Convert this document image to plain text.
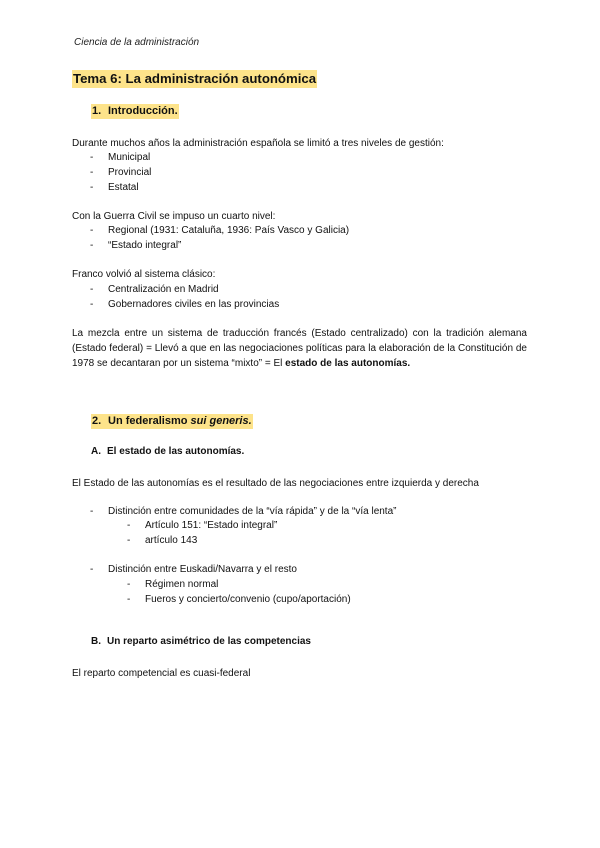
Ciencia de la administración
Tema 6: La administración autonómica
1. Introducción.
Durante muchos años la administración española se limitó a tres niveles de gestión:
- Municipal
- Provincial
- Estatal
Con la Guerra Civil se impuso un cuarto nivel:
- Regional (1931: Cataluña, 1936: País Vasco y Galicia)
- “Estado integral”
Franco volvió al sistema clásico:
- Centralización en Madrid
- Gobernadores civiles en las provincias
La mezcla entre un sistema de traducción francés (Estado centralizado) con la tradición alemana (Estado federal) = Llevó a que en las negociaciones políticas para la elaboración de la Constitución de 1978 se decantaran por un sistema “mixto” = El estado de las autonomías.
2. Un federalismo sui generis.
A. El estado de las autonomías.
El Estado de las autonomías es el resultado de las negociaciones entre izquierda y derecha
- Distinción entre comunidades de la “vía rápida” y de la “vía lenta”
- Artículo 151: “Estado integral”
- artículo 143
- Distinción entre Euskadi/Navarra y el resto
- Régimen normal
- Fueros y concierto/convenio (cupo/aportación)
B. Un reparto asimétrico de las competencias
El reparto competencial es cuasi-federal
